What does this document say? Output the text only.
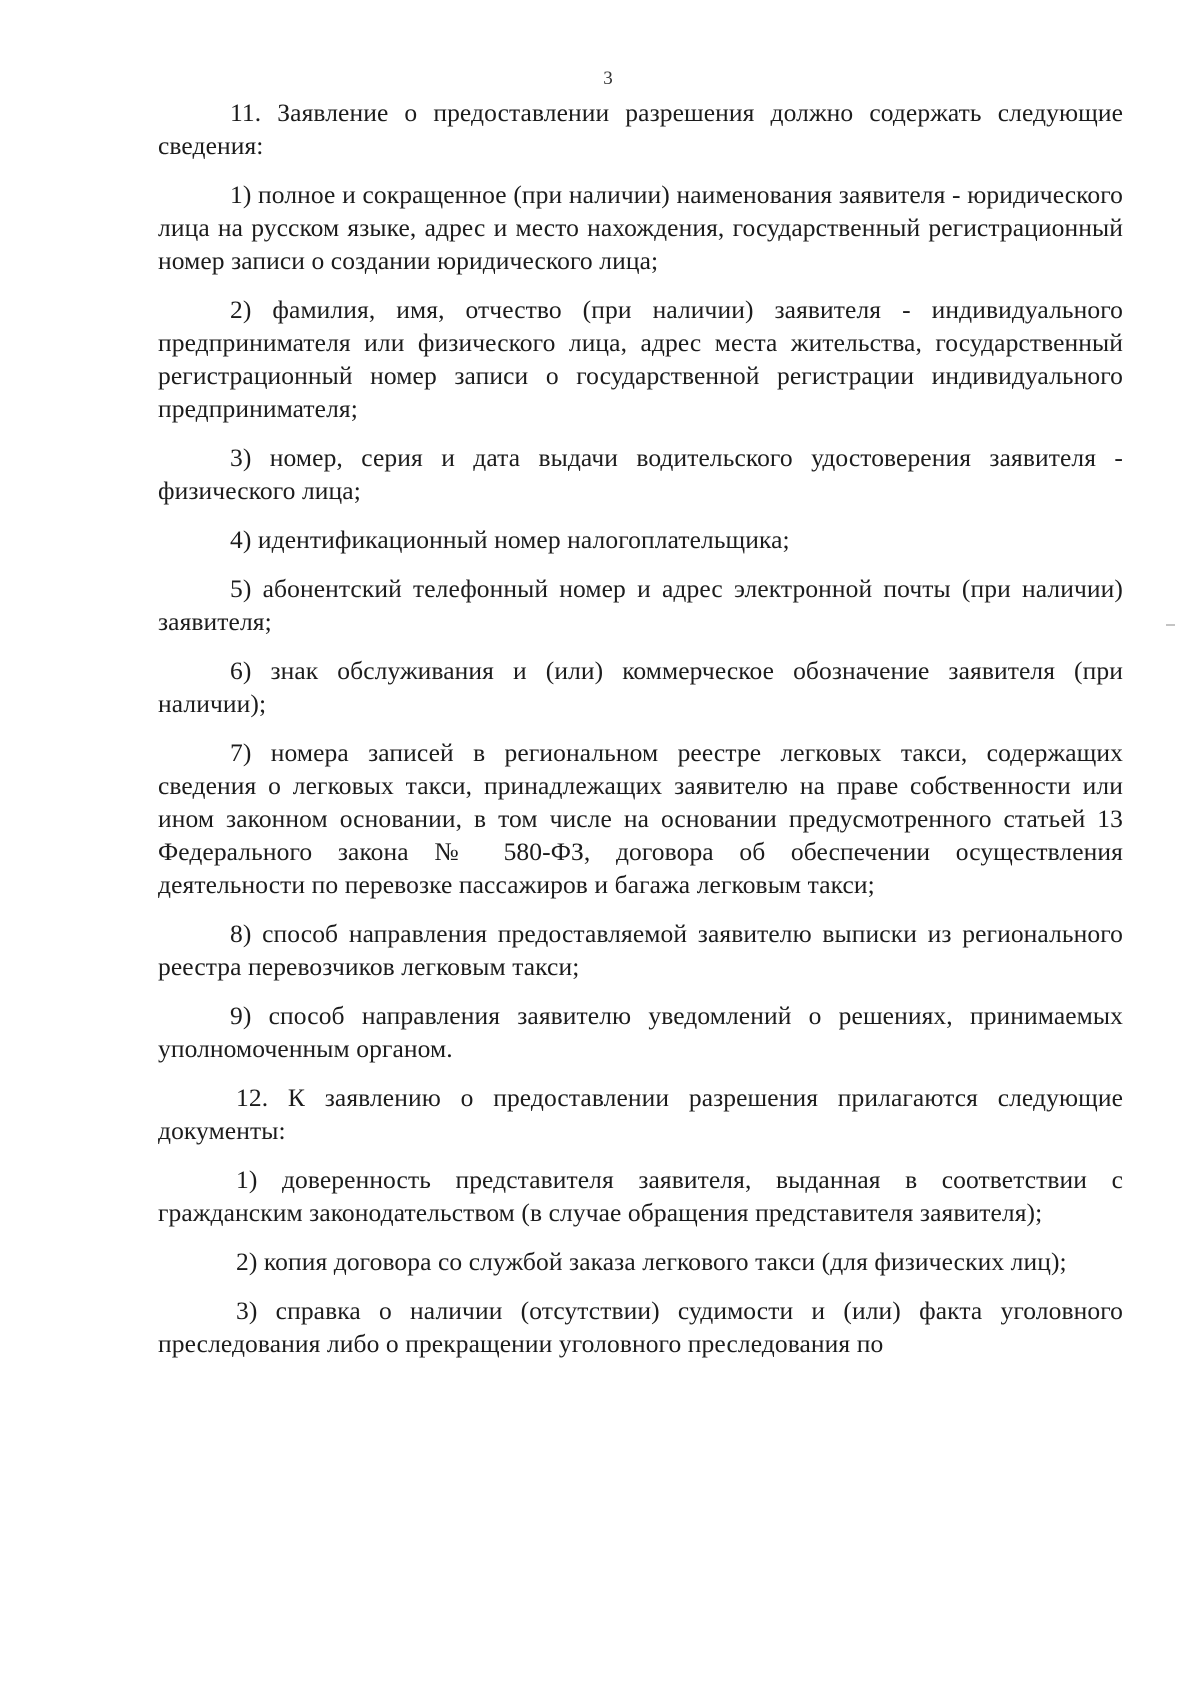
3

11. Заявление о предоставлении разрешения должно содержать следующие сведения:

1) полное и сокращенное (при наличии) наименования заявителя - юридического лица на русском языке, адрес и место нахождения, государственный регистрационный номер записи о создании юридического лица;

2) фамилия, имя, отчество (при наличии) заявителя - индивидуального предпринимателя или физического лица, адрес места жительства, государственный регистрационный номер записи о государственной регистрации индивидуального предпринимателя;

3) номер, серия и дата выдачи водительского удостоверения заявителя - физического лица;

4) идентификационный номер налогоплательщика;

5) абонентский телефонный номер и адрес электронной почты (при наличии) заявителя;

6) знак обслуживания и (или) коммерческое обозначение заявителя (при наличии);

7) номера записей в региональном реестре легковых такси, содержащих сведения о легковых такси, принадлежащих заявителю на праве собственности или ином законном основании, в том числе на основании предусмотренного статьей 13 Федерального закона № 580-ФЗ, договора об обеспечении осуществления деятельности по перевозке пассажиров и багажа легковым такси;

8) способ направления предоставляемой заявителю выписки из регионального реестра перевозчиков легковым такси;

9) способ направления заявителю уведомлений о решениях, принимаемых уполномоченным органом.

12. К заявлению о предоставлении разрешения прилагаются следующие документы:

1) доверенность представителя заявителя, выданная в соответствии с гражданским законодательством (в случае обращения представителя заявителя);

2) копия договора со службой заказа легкового такси (для физических лиц);

3) справка о наличии (отсутствии) судимости и (или) факта уголовного преследования либо о прекращении уголовного преследования по
